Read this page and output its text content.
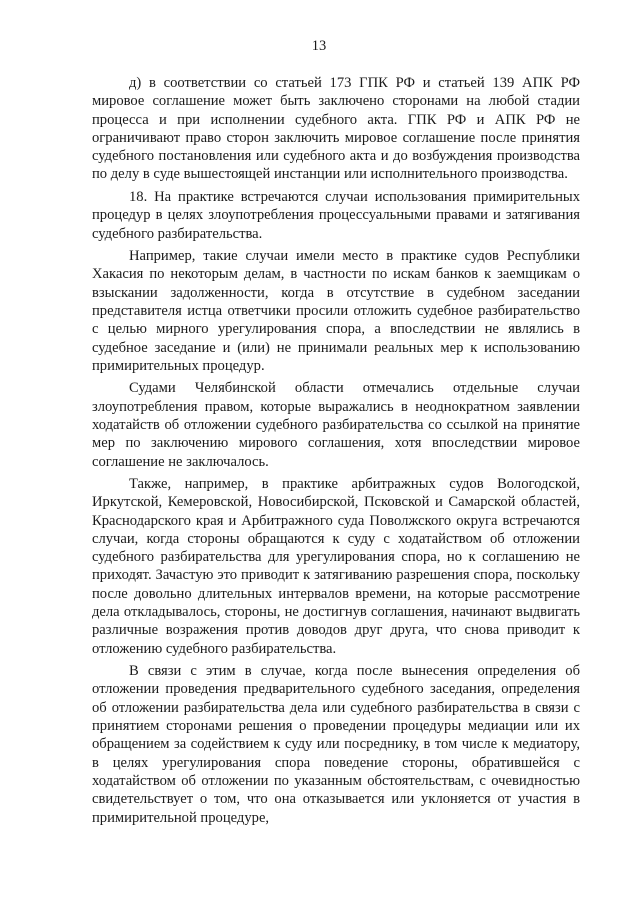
13

д) в соответствии со статьей 173 ГПК РФ и статьей 139 АПК РФ мировое соглашение может быть заключено сторонами на любой стадии процесса и при исполнении судебного акта. ГПК РФ и АПК РФ не ограничивают право сторон заключить мировое соглашение после принятия судебного постановления или судебного акта и до возбуждения производства по делу в суде вышестоящей инстанции или исполнительного производства.

18. На практике встречаются случаи использования примирительных процедур в целях злоупотребления процессуальными правами и затягивания судебного разбирательства.

Например, такие случаи имели место в практике судов Республики Хакасия по некоторым делам, в частности по искам банков к заемщикам о взыскании задолженности, когда в отсутствие в судебном заседании представителя истца ответчики просили отложить судебное разбирательство с целью мирного урегулирования спора, а впоследствии не являлись в судебное заседание и (или) не принимали реальных мер к использованию примирительных процедур.

Судами Челябинской области отмечались отдельные случаи злоупотребления правом, которые выражались в неоднократном заявлении ходатайств об отложении судебного разбирательства со ссылкой на принятие мер по заключению мирового соглашения, хотя впоследствии мировое соглашение не заключалось.

Также, например, в практике арбитражных судов Вологодской, Иркутской, Кемеровской, Новосибирской, Псковской и Самарской областей, Краснодарского края и Арбитражного суда Поволжского округа встречаются случаи, когда стороны обращаются к суду с ходатайством об отложении судебного разбирательства для урегулирования спора, но к соглашению не приходят. Зачастую это приводит к затягиванию разрешения спора, поскольку после довольно длительных интервалов времени, на которые рассмотрение дела откладывалось, стороны, не достигнув соглашения, начинают выдвигать различные возражения против доводов друг друга, что снова приводит к отложению судебного разбирательства.

В связи с этим в случае, когда после вынесения определения об отложении проведения предварительного судебного заседания, определения об отложении разбирательства дела или судебного разбирательства в связи с принятием сторонами решения о проведении процедуры медиации или их обращением за содействием к суду или посреднику, в том числе к медиатору, в целях урегулирования спора поведение стороны, обратившейся с ходатайством об отложении по указанным обстоятельствам, с очевидностью свидетельствует о том, что она отказывается или уклоняется от участия в примирительной процедуре,
